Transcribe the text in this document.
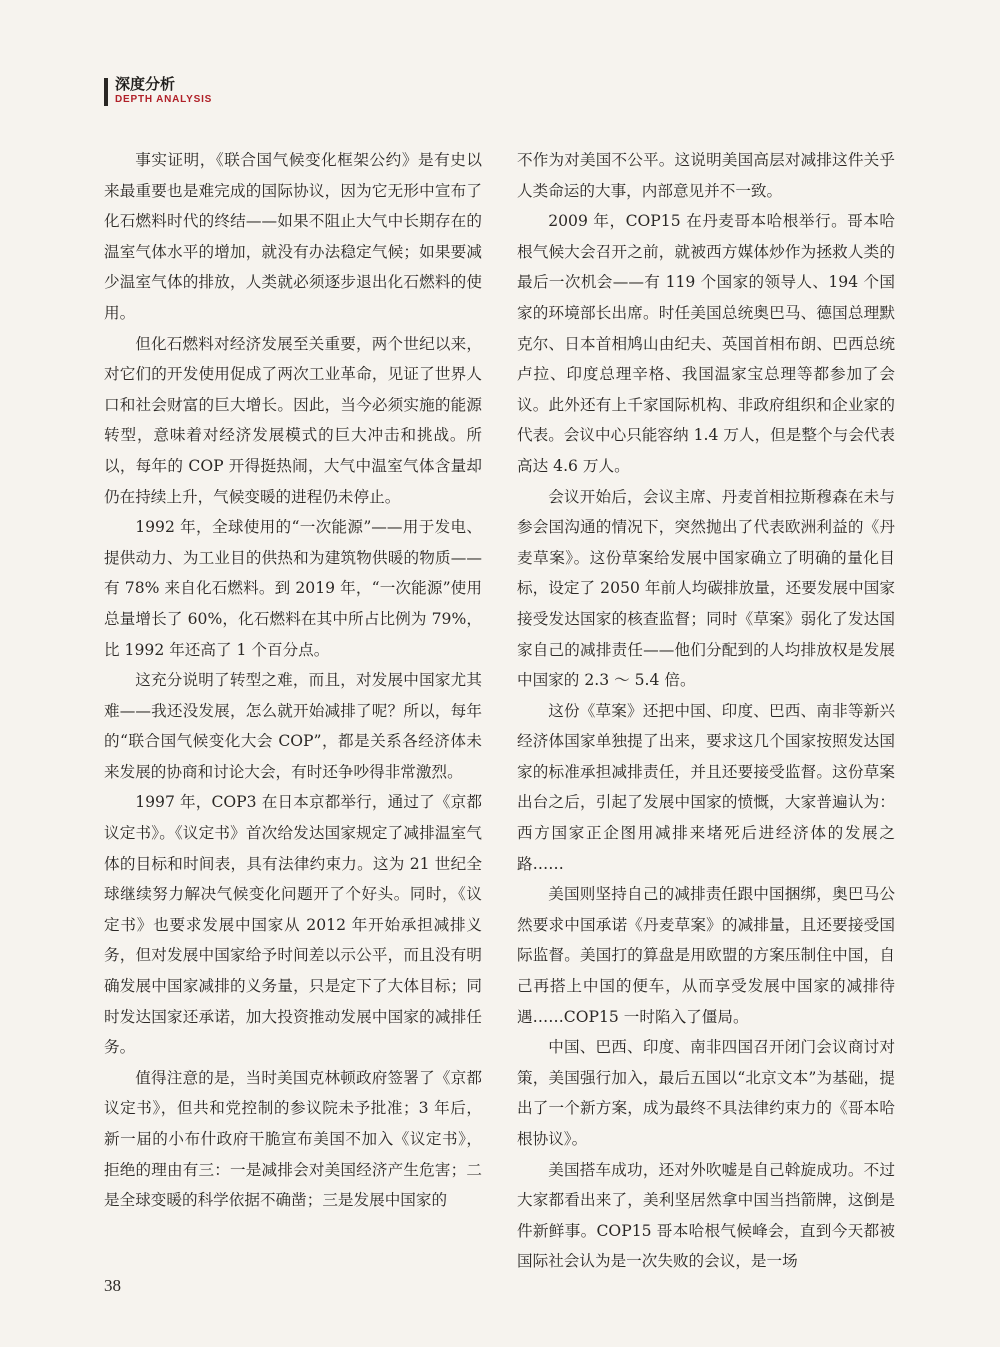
深度分析
DEPTH ANALYSIS

事实证明，《联合国气候变化框架公约》是有史以来最重要也是难完成的国际协议，因为它无形中宣布了化石燃料时代的终结——如果不阻止大气中长期存在的温室气体水平的增加，就没有办法稳定气候；如果要减少温室气体的排放，人类就必须逐步退出化石燃料的使用。

但化石燃料对经济发展至关重要，两个世纪以来，对它们的开发使用促成了两次工业革命，见证了世界人口和社会财富的巨大增长。因此，当今必须实施的能源转型，意味着对经济发展模式的巨大冲击和挑战。所以，每年的 COP 开得挺热闹，大气中温室气体含量却仍在持续上升，气候变暖的进程仍未停止。

1992 年，全球使用的“一次能源”——用于发电、提供动力、为工业目的供热和为建筑物供暖的物质——有 78% 来自化石燃料。到 2019 年，“一次能源”使用总量增长了 60%，化石燃料在其中所占比例为 79%，比 1992 年还高了 1 个百分点。

这充分说明了转型之难，而且，对发展中国家尤其难——我还没发展，怎么就开始减排了呢？所以，每年的“联合国气候变化大会 COP”，都是关系各经济体未来发展的协商和讨论大会，有时还争吵得非常激烈。

1997 年，COP3 在日本京都举行，通过了《京都议定书》。《议定书》首次给发达国家规定了减排温室气体的目标和时间表，具有法律约束力。这为 21 世纪全球继续努力解决气候变化问题开了个好头。同时，《议定书》也要求发展中国家从 2012 年开始承担减排义务，但对发展中国家给予时间差以示公平，而且没有明确发展中国家减排的义务量，只是定下了大体目标；同时发达国家还承诺，加大投资推动发展中国家的减排任务。

值得注意的是，当时美国克林顿政府签署了《京都议定书》，但共和党控制的参议院未予批准；3 年后，新一届的小布什政府干脆宣布美国不加入《议定书》，拒绝的理由有三：一是减排会对美国经济产生危害；二是全球变暖的科学依据不确凿；三是发展中国家的

不作为对美国不公平。这说明美国高层对减排这件关乎人类命运的大事，内部意见并不一致。

2009 年，COP15 在丹麦哥本哈根举行。哥本哈根气候大会召开之前，就被西方媒体炒作为拯救人类的最后一次机会——有 119 个国家的领导人、194 个国家的环境部长出席。时任美国总统奥巴马、德国总理默克尔、日本首相鸠山由纪夫、英国首相布朗、巴西总统卢拉、印度总理辛格、我国温家宝总理等都参加了会议。此外还有上千家国际机构、非政府组织和企业家的代表。会议中心只能容纳 1.4 万人，但是整个与会代表高达 4.6 万人。

会议开始后，会议主席、丹麦首相拉斯穆森在未与参会国沟通的情况下，突然抛出了代表欧洲利益的《丹麦草案》。这份草案给发展中国家确立了明确的量化目标，设定了 2050 年前人均碳排放量，还要发展中国家接受发达国家的核查监督；同时《草案》弱化了发达国家自己的减排责任——他们分配到的人均排放权是发展中国家的 2.3 ～ 5.4 倍。

这份《草案》还把中国、印度、巴西、南非等新兴经济体国家单独提了出来，要求这几个国家按照发达国家的标准承担减排责任，并且还要接受监督。这份草案出台之后，引起了发展中国家的愤慨，大家普遍认为：西方国家正企图用减排来堵死后进经济体的发展之路……

美国则坚持自己的减排责任跟中国捆绑，奥巴马公然要求中国承诺《丹麦草案》的减排量，且还要接受国际监督。美国打的算盘是用欧盟的方案压制住中国，自己再搭上中国的便车，从而享受发展中国家的减排待遇……COP15 一时陷入了僵局。

中国、巴西、印度、南非四国召开闭门会议商讨对策，美国强行加入，最后五国以“北京文本”为基础，提出了一个新方案，成为最终不具法律约束力的《哥本哈根协议》。

美国搭车成功，还对外吹嘘是自己斡旋成功。不过大家都看出来了，美利坚居然拿中国当挡箭牌，这倒是件新鲜事。COP15 哥本哈根气候峰会，直到今天都被国际社会认为是一次失败的会议，是一场

38
